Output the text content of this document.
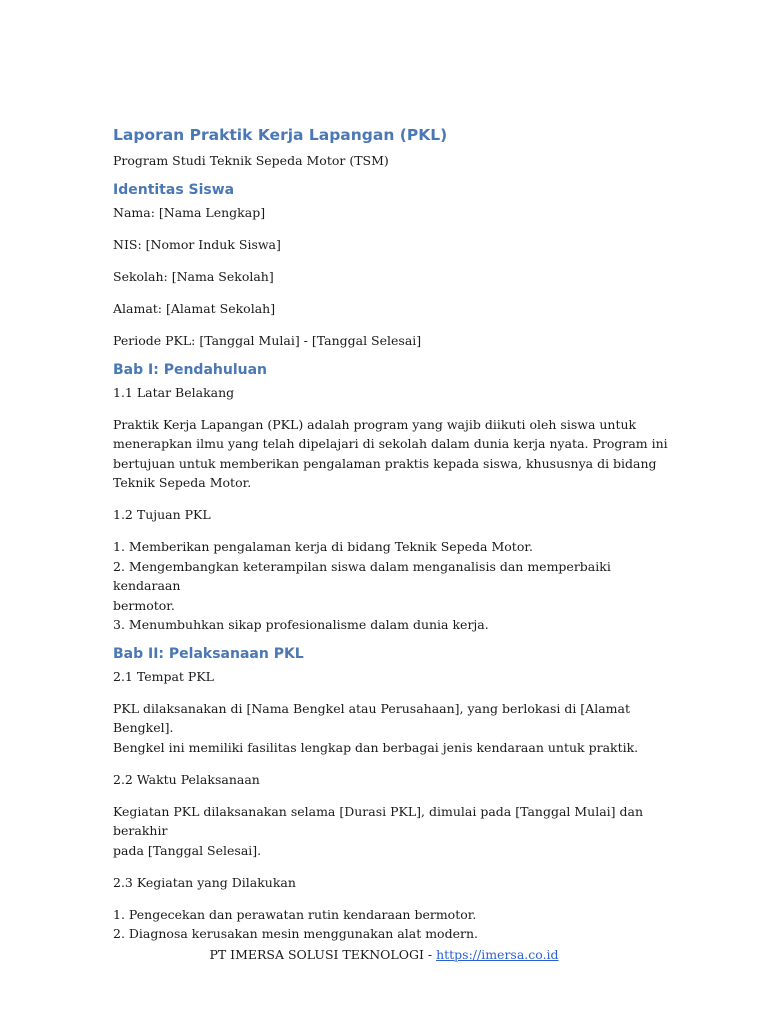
Laporan Praktik Kerja Lapangan (PKL)
Program Studi Teknik Sepeda Motor (TSM)
Identitas Siswa
Nama: [Nama Lengkap]
NIS: [Nomor Induk Siswa]
Sekolah: [Nama Sekolah]
Alamat: [Alamat Sekolah]
Periode PKL: [Tanggal Mulai] - [Tanggal Selesai]
Bab I: Pendahuluan
1.1 Latar Belakang
Praktik Kerja Lapangan (PKL) adalah program yang wajib diikuti oleh siswa untuk
menerapkan ilmu yang telah dipelajari di sekolah dalam dunia kerja nyata. Program ini
bertujuan untuk memberikan pengalaman praktis kepada siswa, khususnya di bidang
Teknik Sepeda Motor.
1.2 Tujuan PKL
1. Memberikan pengalaman kerja di bidang Teknik Sepeda Motor.
2. Mengembangkan keterampilan siswa dalam menganalisis dan memperbaiki kendaraan
bermotor.
3. Menumbuhkan sikap profesionalisme dalam dunia kerja.
Bab II: Pelaksanaan PKL
2.1 Tempat PKL
PKL dilaksanakan di [Nama Bengkel atau Perusahaan], yang berlokasi di [Alamat Bengkel].
Bengkel ini memiliki fasilitas lengkap dan berbagai jenis kendaraan untuk praktik.
2.2 Waktu Pelaksanaan
Kegiatan PKL dilaksanakan selama [Durasi PKL], dimulai pada [Tanggal Mulai] dan berakhir
pada [Tanggal Selesai].
2.3 Kegiatan yang Dilakukan
1. Pengecekan dan perawatan rutin kendaraan bermotor.
2. Diagnosa kerusakan mesin menggunakan alat modern.
PT IMERSA SOLUSI TEKNOLOGI - https://imersa.co.id
